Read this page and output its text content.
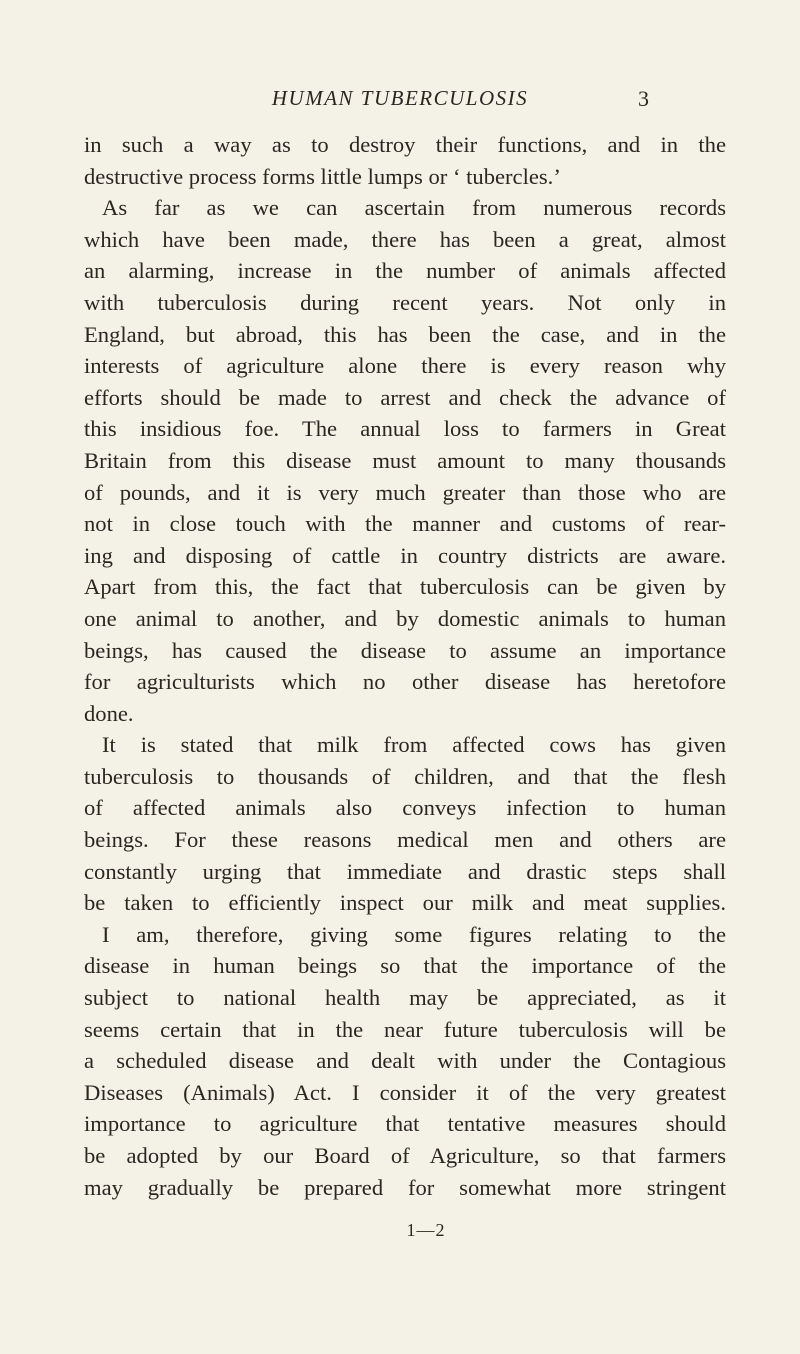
HUMAN TUBERCULOSIS	3
in such a way as to destroy their functions, and in the
destructive process forms little lumps or ‘ tubercles.’
As far as we can ascertain from numerous records
which have been made, there has been a great, almost
an alarming, increase in the number of animals affected
with tuberculosis during recent years. Not only in
England, but abroad, this has been the case, and in the
interests of agriculture alone there is every reason why
efforts should be made to arrest and check the advance of
this insidious foe. The annual loss to farmers in Great
Britain from this disease must amount to many thousands
of pounds, and it is very much greater than those who are
not in close touch with the manner and customs of rear-
ing and disposing of cattle in country districts are aware.
Apart from this, the fact that tuberculosis can be given by
one animal to another, and by domestic animals to human
beings, has caused the disease to assume an importance
for agriculturists which no other disease has heretofore
done.
It is stated that milk from affected cows has given
tuberculosis to thousands of children, and that the flesh
of affected animals also conveys infection to human
beings. For these reasons medical men and others are
constantly urging that immediate and drastic steps shall
be taken to efficiently inspect our milk and meat supplies.
I am, therefore, giving some figures relating to the
disease in human beings so that the importance of the
subject to national health may be appreciated, as it
seems certain that in the near future tuberculosis will be
a scheduled disease and dealt with under the Contagious
Diseases (Animals) Act. I consider it of the very greatest
importance to agriculture that tentative measures should
be adopted by our Board of Agriculture, so that farmers
may gradually be prepared for somewhat more stringent
1—2
